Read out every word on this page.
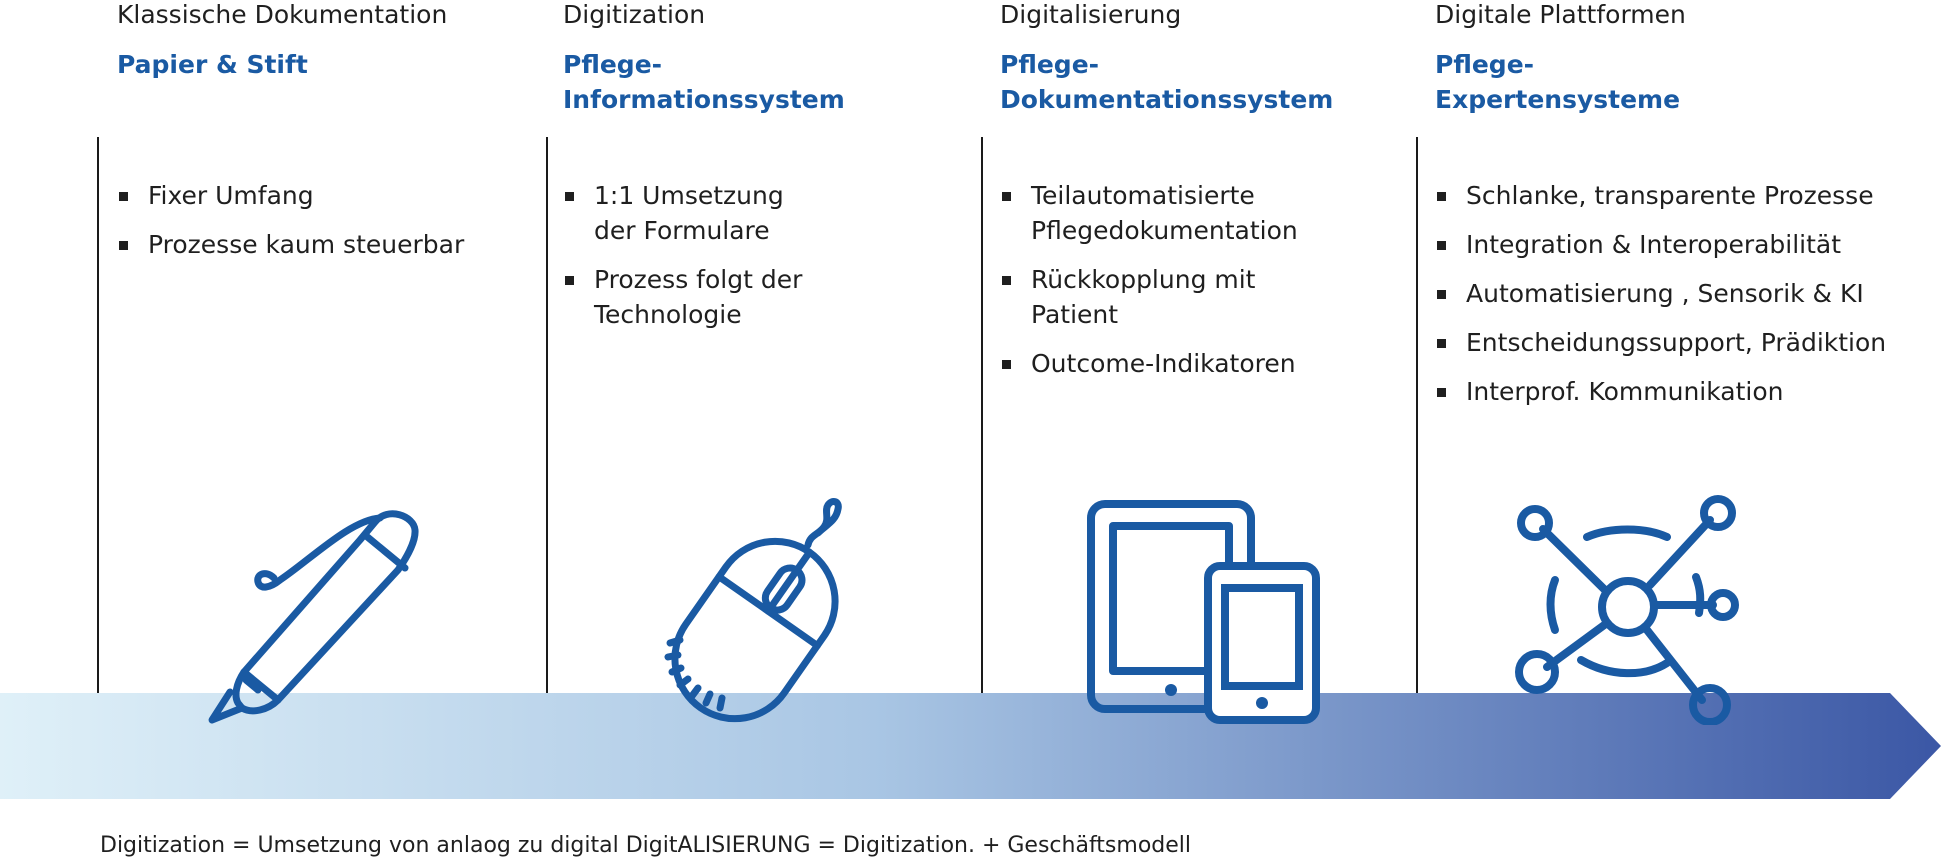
Klassische Dokumentation

Papier & Stift
Fixer Umfang
Prozesse kaum steuerbar

Digitization

Pflege-
Informationssystem
1:1 Umsetzung der Formulare
Prozess folgt der Technologie

Digitalisierung

Pflege-
Dokumentationssystem
Teilautomatisierte Pflegedokumentation
Rückkopplung mit Patient
Outcome-Indikatoren

Digitale Plattformen

Pflege-
Expertensysteme
Schlanke, transparente Prozesse
Integration & Interoperabilität
Automatisierung , Sensorik & KI
Entscheidungssupport, Prädiktion
Interprof. Kommunikation
Digitization = Umsetzung von anlaog zu digital DigitALISIERUNG = Digitization. + Geschäftsmodell
